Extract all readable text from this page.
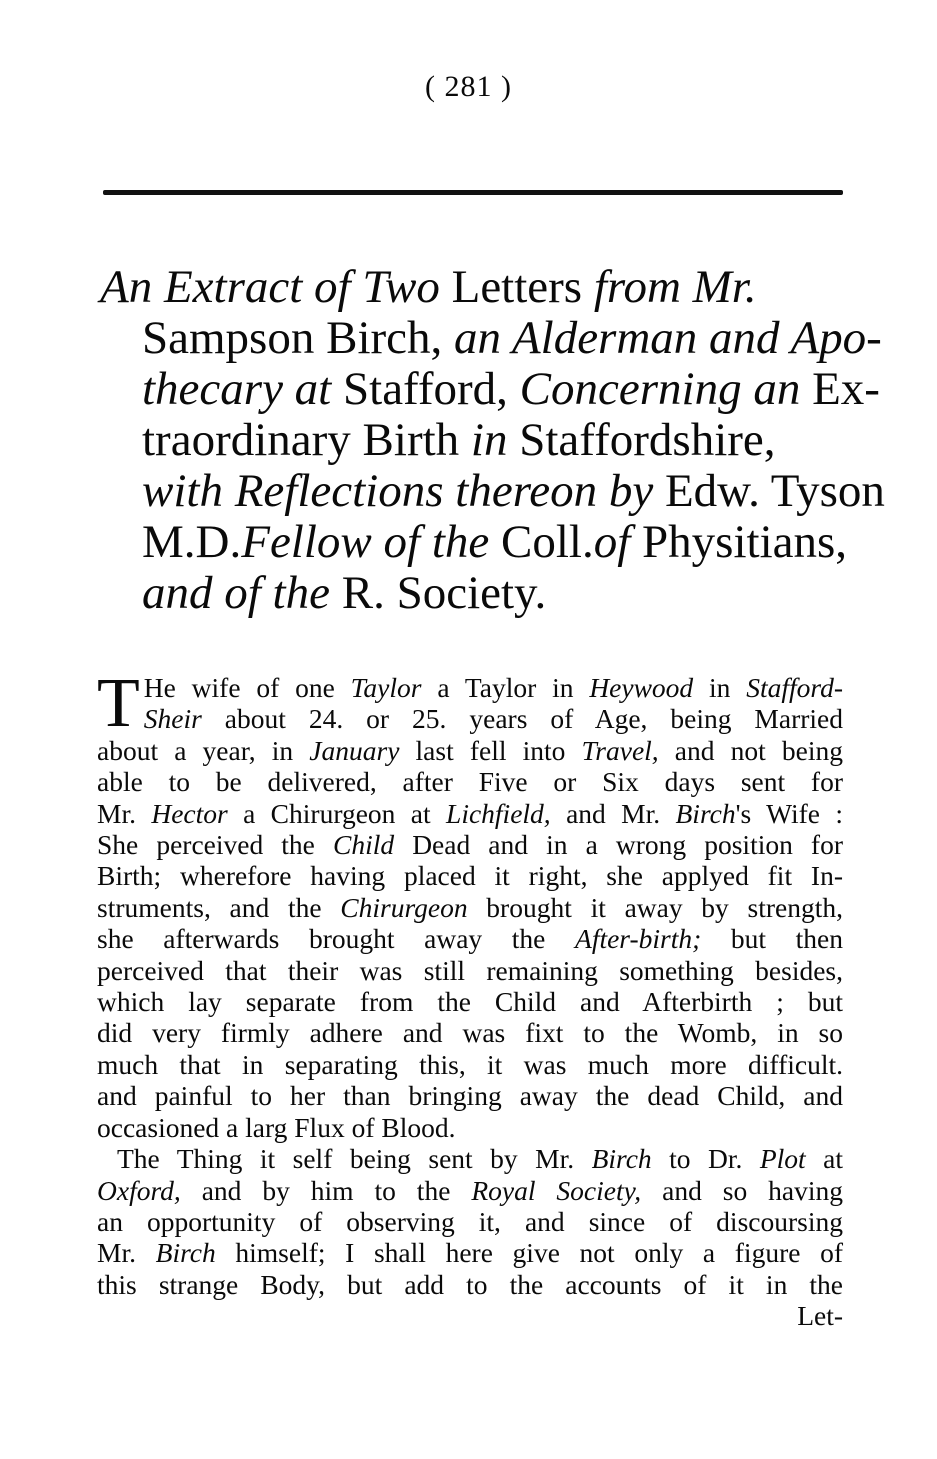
( 281 )
An Extract of Two Letters from Mr.
Sampson Birch, an Alderman and Apo-
thecary at Stafford, Concerning an Ex-
traordinary Birth in Staffordshire,
with Reflections thereon by Edw. Tyson
M.D.Fellow of the Coll.of Physitians,
and of the R. Society.
T He wife of one Taylor a Taylor in Heywood in Stafford-
Sheir about 24. or 25. years of Age, being Married
about a year, in January last fell into Travel, and not being
able to be delivered, after Five or Six days sent for
Mr. Hector a Chirurgeon at Lichfield, and Mr. Birch's Wife :
She perceived the Child Dead and in a wrong position for
Birth; wherefore having placed it right, she applyed fit In-
struments, and the Chirurgeon brought it away by strength,
she afterwards brought away the After-birth; but then
perceived that their was still remaining something besides,
which lay separate from the Child and Afterbirth ; but
did very firmly adhere and was fixt to the Womb, in so
much that in separating this, it was much more difficult.
and painful to her than bringing away the dead Child, and
occasioned a larg Flux of Blood.
The Thing it self being sent by Mr. Birch to Dr. Plot at
Oxford, and by him to the Royal Society, and so having
an opportunity of observing it, and since of discoursing
Mr. Birch himself; I shall here give not only a figure of
this strange Body, but add to the accounts of it in the
Let-
